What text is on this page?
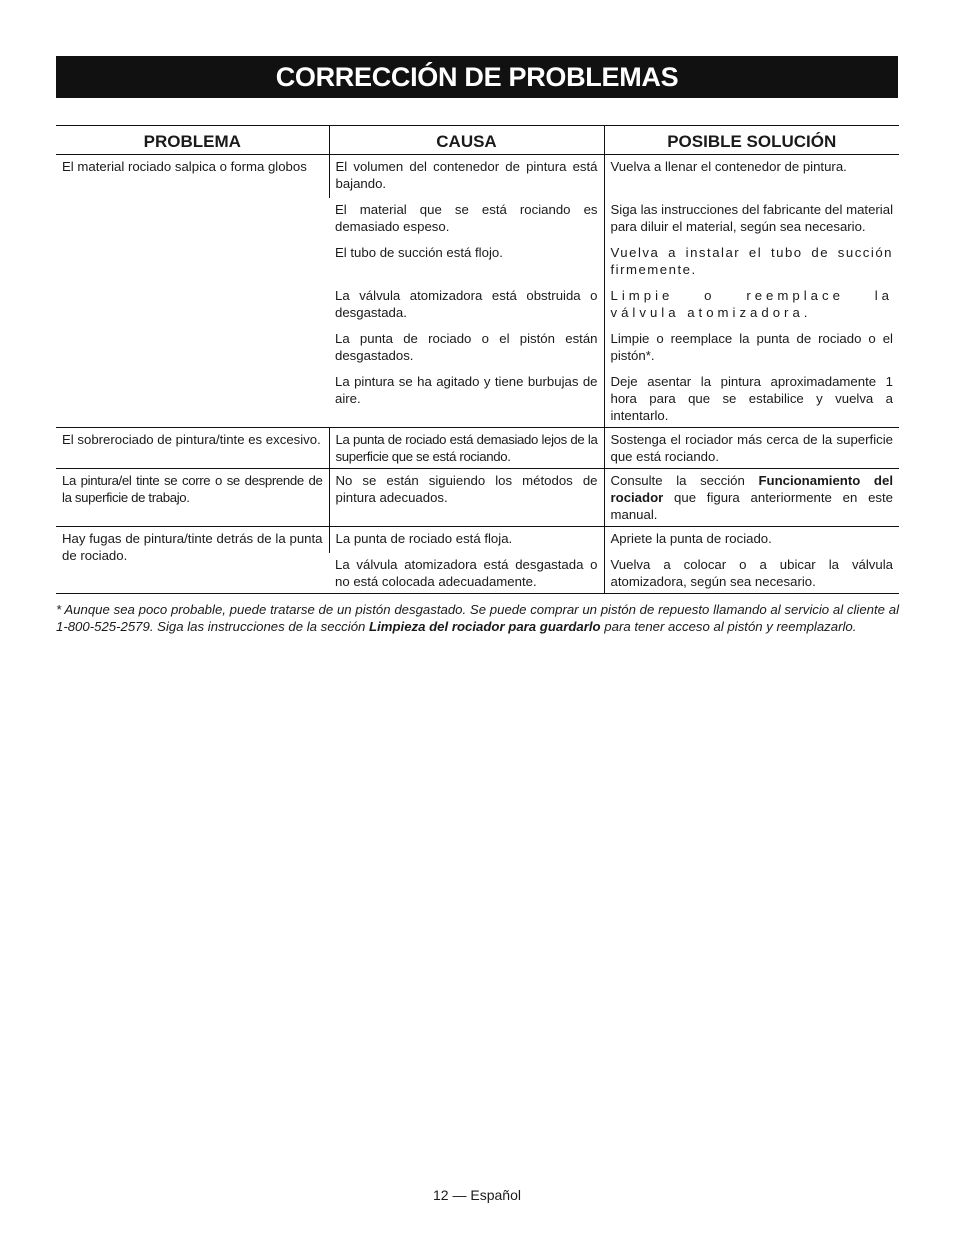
CORRECCIÓN DE PROBLEMAS
PROBLEMA	CAUSA	POSIBLE SOLUCIÓN
El material rociado salpica o forma globos	El volumen del contenedor de pintura está bajando.	Vuelva a llenar el contenedor de pintura.
	El material que se está rociando es demasiado espeso.	Siga las instrucciones del fabricante del material para diluir el material, según sea necesario.
	El tubo de succión está flojo.	Vuelva a instalar el tubo de succión firmemente.
	La válvula atomizadora está obstruida o desgastada.	Limpie o reemplace la válvula atomizadora.
	La punta de rociado o el pistón están desgastados.	Limpie o reemplace la punta de rociado o el pistón*.
	La pintura se ha agitado y tiene burbujas de aire.	Deje asentar la pintura aproximadamente 1 hora para que se estabilice y vuelva a intentarlo.
El sobrerociado de pintura/tinte es excesivo.	La punta de rociado está demasiado lejos de la superficie que se está rociando.	Sostenga el rociador más cerca de la superficie que está rociando.
La pintura/el tinte se corre o se desprende de la superficie de trabajo.	No se están siguiendo los métodos de pintura adecuados.	Consulte la sección Funcionamiento del rociador que figura anteriormente en este manual.
Hay fugas de pintura/tinte detrás de la punta de rociado.	La punta de rociado está floja.	Apriete la punta de rociado.
	La válvula atomizadora está desgastada o no está colocada adecuadamente.	Vuelva a colocar o a ubicar la válvula atomizadora, según sea necesario.
* Aunque sea poco probable, puede tratarse de un pistón desgastado. Se puede comprar un pistón de repuesto llamando al servicio al cliente al 1-800-525-2579. Siga las instrucciones de la sección Limpieza del rociador para guardarlo para tener acceso al pistón y reemplazarlo.
12 — Español
